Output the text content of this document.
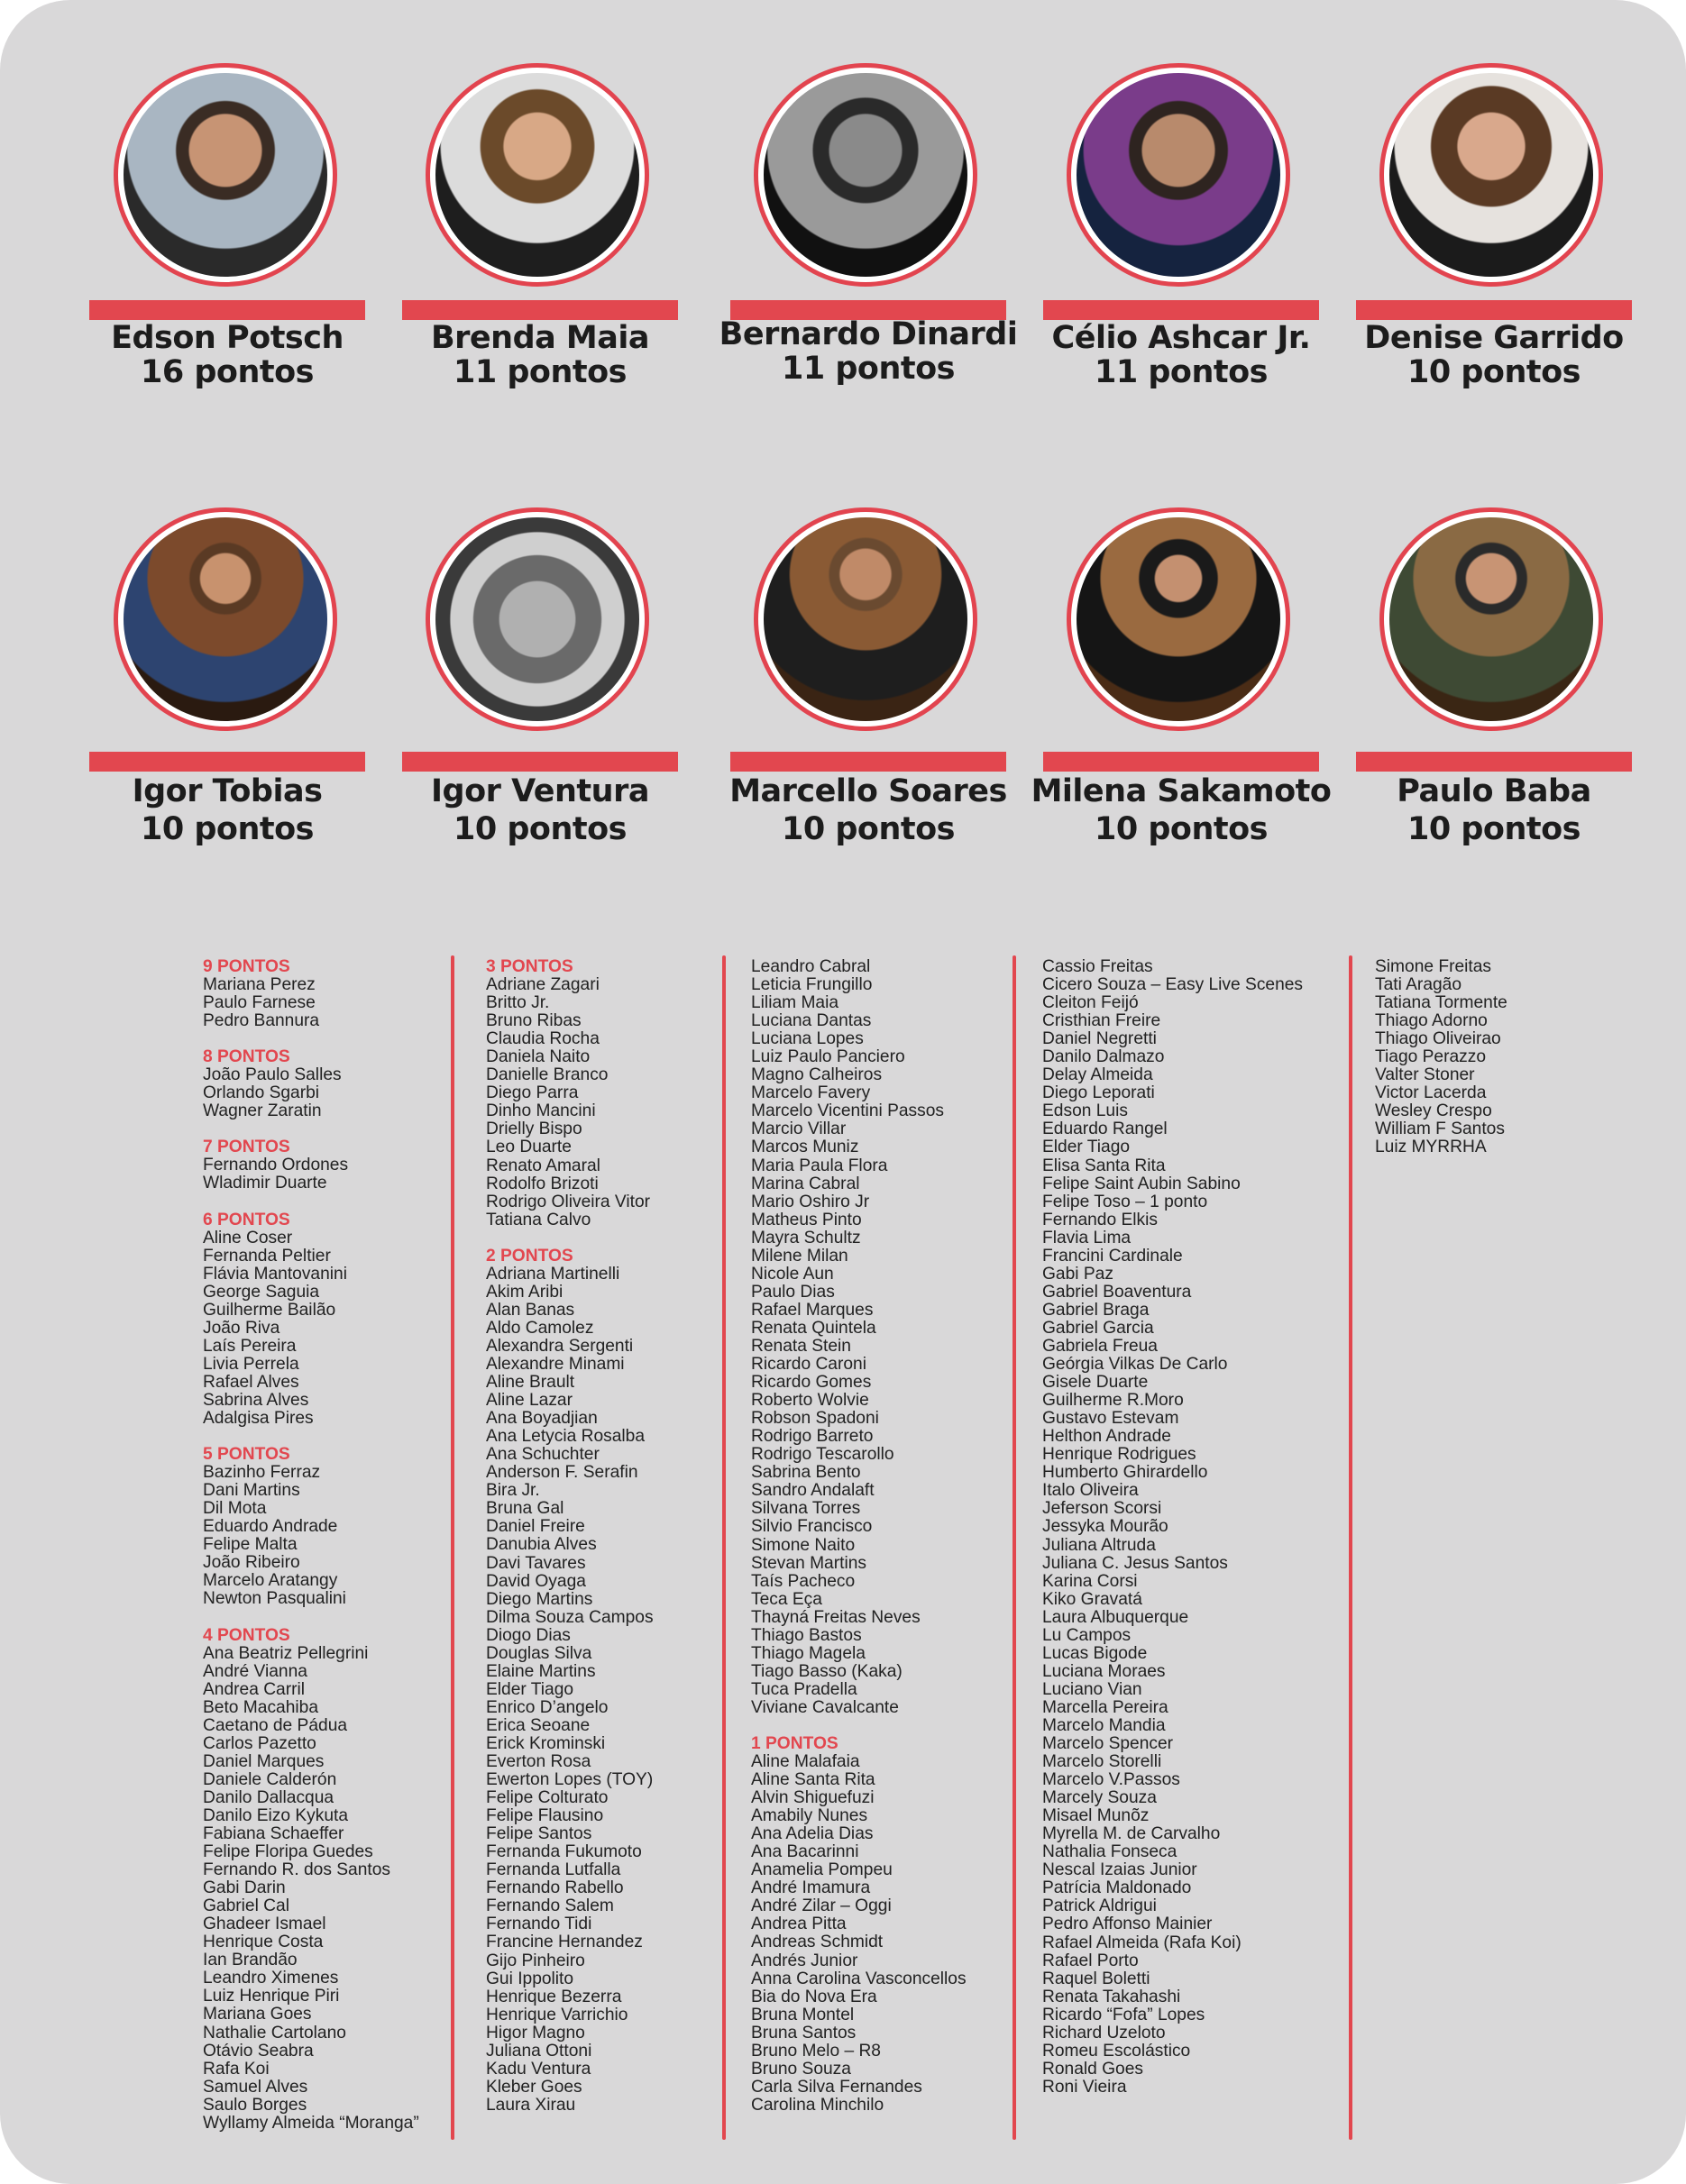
Edson Potsch
16 pontos
Brenda Maia
11 pontos
Bernardo Dinardi
11 pontos
Célio Ashcar Jr.
11 pontos
Denise Garrido
10 pontos
Igor Tobias
10 pontos
Igor Ventura
10 pontos
Marcello Soares
10 pontos
Milena Sakamoto
10 pontos
Paulo Baba
10 pontos
9 PONTOS
Mariana Perez
Paulo Farnese
Pedro Bannura
8 PONTOS
João Paulo Salles
Orlando Sgarbi
Wagner Zaratin
7 PONTOS
Fernando Ordones
Wladimir Duarte
6 PONTOS
Aline Coser
Fernanda Peltier
Flávia Mantovanini
George Saguia
Guilherme Bailão
João Riva
Laís Pereira
Livia Perrela
Rafael Alves
Sabrina Alves
Adalgisa Pires
5 PONTOS
Bazinho Ferraz
Dani Martins
Dil Mota
Eduardo Andrade
Felipe Malta
João Ribeiro
Marcelo Aratangy
Newton Pasqualini
4 PONTOS
Ana Beatriz Pellegrini
André Vianna
Andrea Carril
Beto Macahiba
Caetano de Pádua
Carlos Pazetto
Daniel Marques
Daniele Calderón
Danilo Dallacqua
Danilo Eizo Kykuta
Fabiana Schaeffer
Felipe Floripa Guedes
Fernando R. dos Santos
Gabi Darin
Gabriel Cal
Ghadeer Ismael
Henrique Costa
Ian Brandão
Leandro Ximenes
Luiz Henrique Piri
Mariana Goes
Nathalie Cartolano
Otávio Seabra
Rafa Koi
Samuel Alves
Saulo Borges
Wyllamy Almeida “Moranga”
3 PONTOS
Adriane Zagari
Britto Jr.
Bruno Ribas
Claudia Rocha
Daniela Naito
Danielle Branco
Diego Parra
Dinho Mancini
Drielly Bispo
Leo Duarte
Renato Amaral
Rodolfo Brizoti
Rodrigo Oliveira Vitor
Tatiana Calvo
2 PONTOS
Adriana Martinelli
Akim Aribi
Alan Banas
Aldo Camolez
Alexandra Sergenti
Alexandre Minami
Aline Brault
Aline Lazar
Ana Boyadjian
Ana Letycia Rosalba
Ana Schuchter
Anderson F. Serafin
Bira Jr.
Bruna Gal
Daniel Freire
Danubia Alves
Davi Tavares
David Oyaga
Diego Martins
Dilma Souza Campos
Diogo Dias
Douglas Silva
Elaine Martins
Elder Tiago
Enrico D’angelo
Erica Seoane
Erick Krominski
Everton Rosa
Ewerton Lopes (TOY)
Felipe Colturato
Felipe Flausino
Felipe Santos
Fernanda Fukumoto
Fernanda Lutfalla
Fernando Rabello
Fernando Salem
Fernando Tidi
Francine Hernandez
Gijo Pinheiro
Gui Ippolito
Henrique Bezerra
Henrique Varrichio
Higor Magno
Juliana Ottoni
Kadu Ventura
Kleber Goes
Laura Xirau
Leandro Cabral
Leticia Frungillo
Liliam Maia
Luciana Dantas
Luciana Lopes
Luiz Paulo Panciero
Magno Calheiros
Marcelo Favery
Marcelo Vicentini Passos
Marcio Villar
Marcos Muniz
Maria Paula Flora
Marina Cabral
Mario Oshiro Jr
Matheus Pinto
Mayra Schultz
Milene Milan
Nicole Aun
Paulo Dias
Rafael Marques
Renata Quintela
Renata Stein
Ricardo Caroni
Ricardo Gomes
Roberto Wolvie
Robson Spadoni
Rodrigo Barreto
Rodrigo Tescarollo
Sabrina Bento
Sandro Andalaft
Silvana Torres
Silvio Francisco
Simone Naito
Stevan Martins
Taís Pacheco
Teca Eça
Thayná Freitas Neves
Thiago Bastos
Thiago Magela
Tiago Basso (Kaka)
Tuca Pradella
Viviane Cavalcante
1 PONTOS
Aline Malafaia
Aline Santa Rita
Alvin Shiguefuzi
Amabily Nunes
Ana Adelia Dias
Ana Bacarinni
Anamelia Pompeu
André Imamura
André Zilar – Oggi
Andrea Pitta
Andreas Schmidt
Andrés Junior
Anna Carolina Vasconcellos
Bia do Nova Era
Bruna Montel
Bruna Santos
Bruno Melo – R8
Bruno Souza
Carla Silva Fernandes
Carolina Minchilo
Cassio Freitas
Cicero Souza – Easy Live Scenes
Cleiton Feijó
Cristhian Freire
Daniel Negretti
Danilo Dalmazo
Delay Almeida
Diego Leporati
Edson Luis
Eduardo Rangel
Elder Tiago
Elisa Santa Rita
Felipe Saint Aubin Sabino
Felipe Toso – 1 ponto
Fernando Elkis
Flavia Lima
Francini Cardinale
Gabi Paz
Gabriel Boaventura
Gabriel Braga
Gabriel Garcia
Gabriela Freua
Geórgia Vilkas De Carlo
Gisele Duarte
Guilherme R.Moro
Gustavo Estevam
Helthon Andrade
Henrique Rodrigues
Humberto Ghirardello
Italo Oliveira
Jeferson Scorsi
Jessyka Mourão
Juliana Altruda
Juliana C. Jesus Santos
Karina Corsi
Kiko Gravatá
Laura Albuquerque
Lu Campos
Lucas Bigode
Luciana Moraes
Luciano Vian
Marcella Pereira
Marcelo Mandia
Marcelo Spencer
Marcelo Storelli
Marcelo V.Passos
Marcely Souza
Misael Munõz
Myrella M. de Carvalho
Nathalia Fonseca
Nescal Izaias Junior
Patrícia Maldonado
Patrick Aldrigui
Pedro Affonso Mainier
Rafael Almeida (Rafa Koi)
Rafael Porto
Raquel Boletti
Renata Takahashi
Ricardo “Fofa” Lopes
Richard Uzeloto
Romeu Escolástico
Ronald Goes
Roni Vieira
Simone Freitas
Tati Aragão
Tatiana Tormente
Thiago Adorno
Thiago Oliveirao
Tiago Perazzo
Valter Stoner
Victor Lacerda
Wesley Crespo
William F Santos
Luiz MYRRHA
